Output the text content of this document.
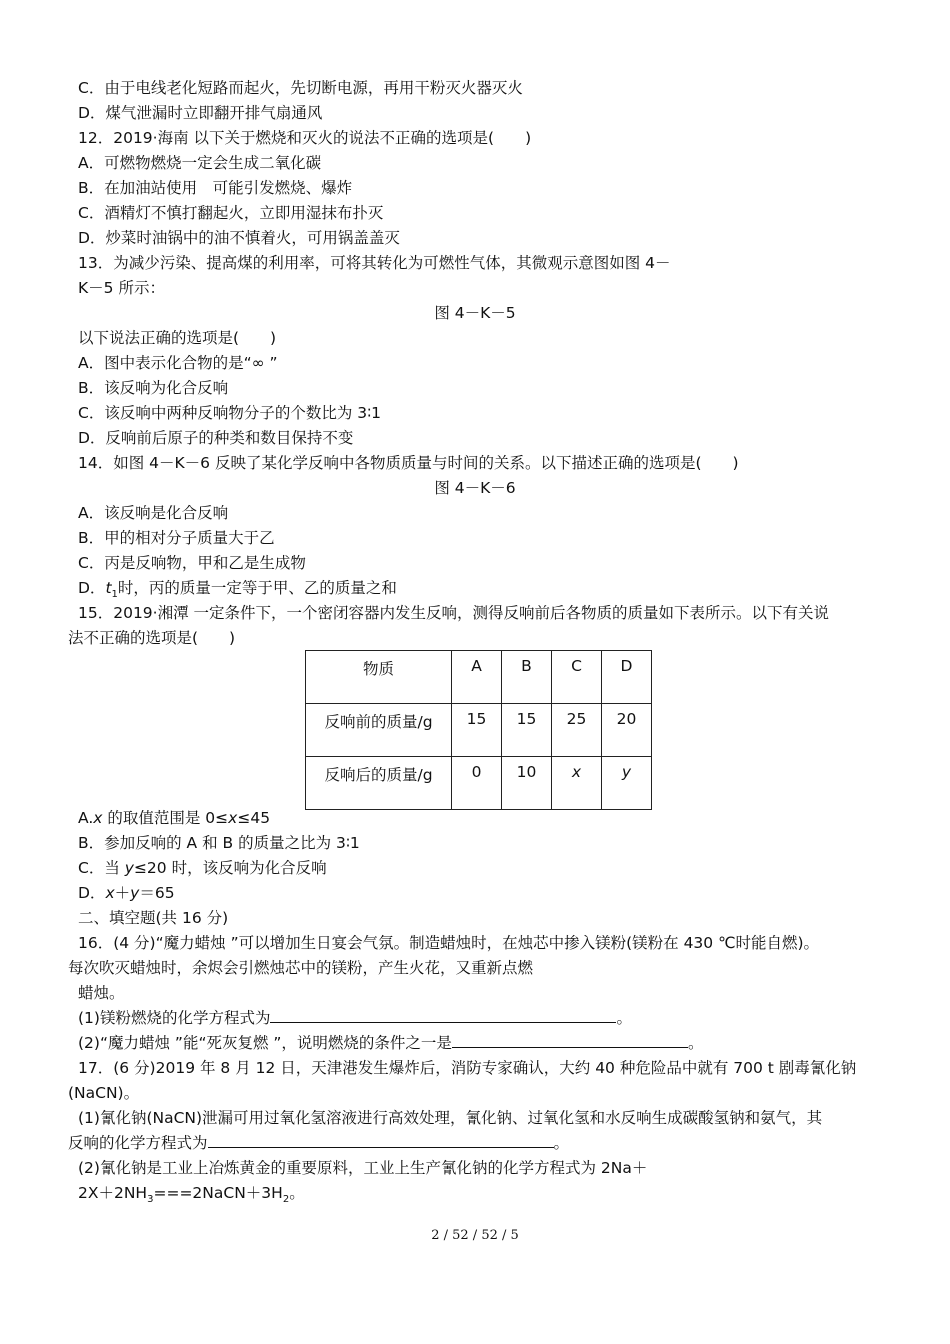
C．由于电线老化短路而起火，先切断电源，再用干粉灭火器灭火
D．煤气泄漏时立即翻开排气扇通风
12．2019·海南 以下关于燃烧和灭火的说法不正确的选项是(　　)
A．可燃物燃烧一定会生成二氧化碳
B．在加油站使用　可能引发燃烧、爆炸
C．酒精灯不慎打翻起火，立即用湿抹布扑灭
D．炒菜时油锅中的油不慎着火，可用锅盖盖灭
13．为减少污染、提高煤的利用率，可将其转化为可燃性气体，其微观示意图如图 4－
K－5 所示：
图 4－K－5
以下说法正确的选项是(　　)
A．图中表示化合物的是“∞ ”
B．该反响为化合反响
C．该反响中两种反响物分子的个数比为 3∶1
D．反响前后原子的种类和数目保持不变
14．如图 4－K－6 反映了某化学反响中各物质质量与时间的关系。以下描述正确的选项是(　　)
图 4－K－6
A．该反响是化合反响
B．甲的相对分子质量大于乙
C．丙是反响物，甲和乙是生成物
D．$t_1$时，丙的质量一定等于甲、乙的质量之和
15．2019·湘潭 一定条件下，一个密闭容器内发生反响，测得反响前后各物质的质量如下表所示。以下有关说
法不正确的选项是(　　)
物质	A	B	C	D
反响前的质量/g	15	15	25	20
反响后的质量/g	0	10	x	y
A.x 的取值范围是 0≤x≤45
B．参加反响的 A 和 B 的质量之比为 3∶1
C．当 y≤20 时，该反响为化合反响
D．x＋y＝65
二、填空题(共 16 分)
16．(4 分)“魔力蜡烛 ”可以增加生日宴会气氛。制造蜡烛时，在烛芯中掺入镁粉(镁粉在 430 ℃时能自燃)。
每次吹灭蜡烛时，余烬会引燃烛芯中的镁粉，产生火花，又重新点燃
蜡烛。
(1)镁粉燃烧的化学方程式为	。
(2)“魔力蜡烛 ”能“死灰复燃 ”，说明燃烧的条件之一是	。
17．(6 分)2019 年 8 月 12 日，天津港发生爆炸后，消防专家确认，大约 40 种危险品中就有 700 t 剧毒氰化钠
(NaCN)。
(1)氰化钠(NaCN)泄漏可用过氧化氢溶液进行高效处理，氰化钠、过氧化氢和水反响生成碳酸氢钠和氨气，其
反响的化学方程式为	。
(2)氰化钠是工业上冶炼黄金的重要原料，工业上生产氰化钠的化学方程式为 2Na＋
$2X+2NH_3===2NaCN+3H_2$。
2 / 52 / 52 / 5
